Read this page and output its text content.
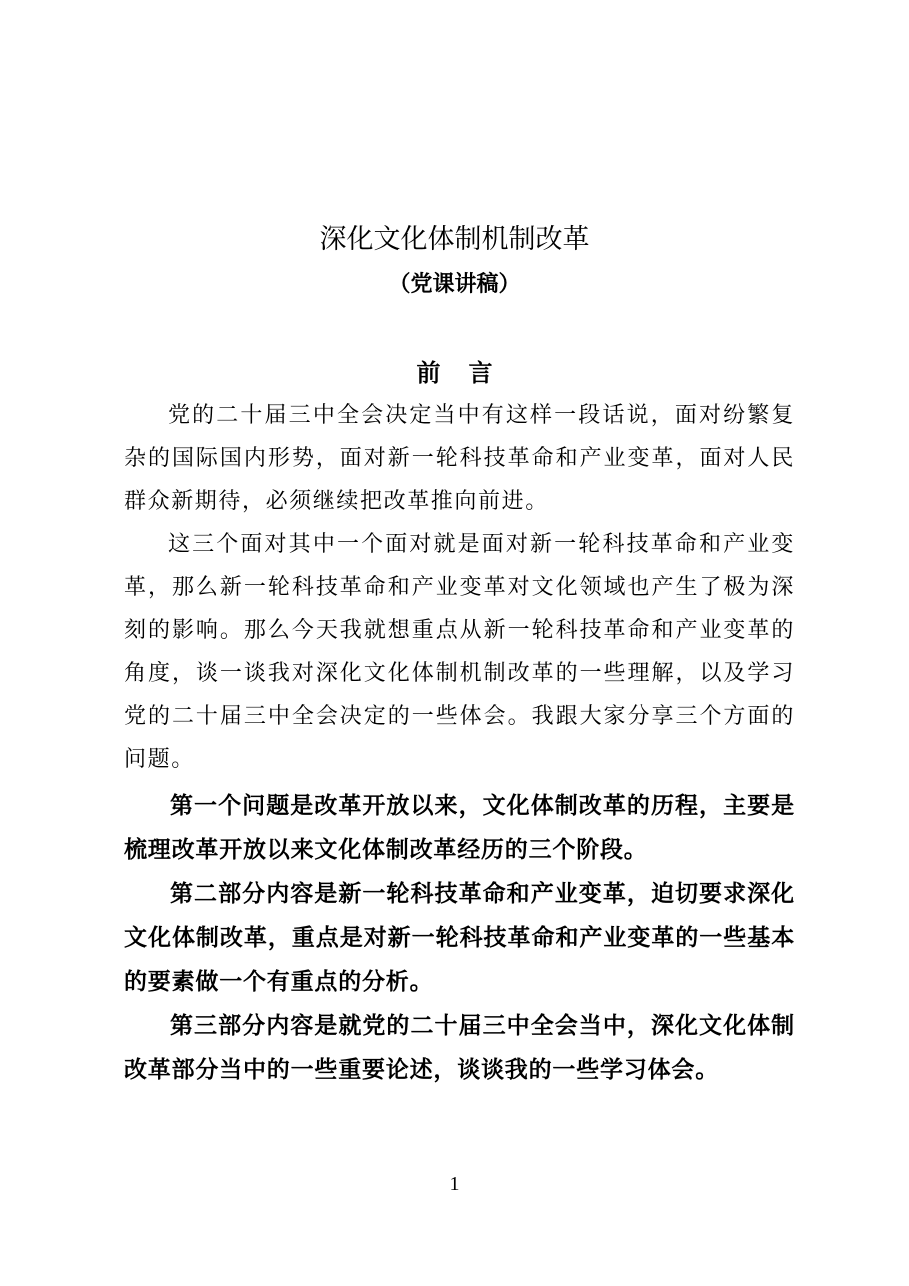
深化文化体制机制改革
（党课讲稿）
前言

党的二十届三中全会决定当中有这样一段话说，面对纷繁复杂的国际国内形势，面对新一轮科技革命和产业变革，面对人民群众新期待，必须继续把改革推向前进。

这三个面对其中一个面对就是面对新一轮科技革命和产业变革，那么新一轮科技革命和产业变革对文化领域也产生了极为深刻的影响。那么今天我就想重点从新一轮科技革命和产业变革的角度，谈一谈我对深化文化体制机制改革的一些理解，以及学习党的二十届三中全会决定的一些体会。我跟大家分享三个方面的问题。

第一个问题是改革开放以来，文化体制改革的历程，主要是梳理改革开放以来文化体制改革经历的三个阶段。

第二部分内容是新一轮科技革命和产业变革，迫切要求深化文化体制改革，重点是对新一轮科技革命和产业变革的一些基本的要素做一个有重点的分析。

第三部分内容是就党的二十届三中全会当中，深化文化体制改革部分当中的一些重要论述，谈谈我的一些学习体会。

1
